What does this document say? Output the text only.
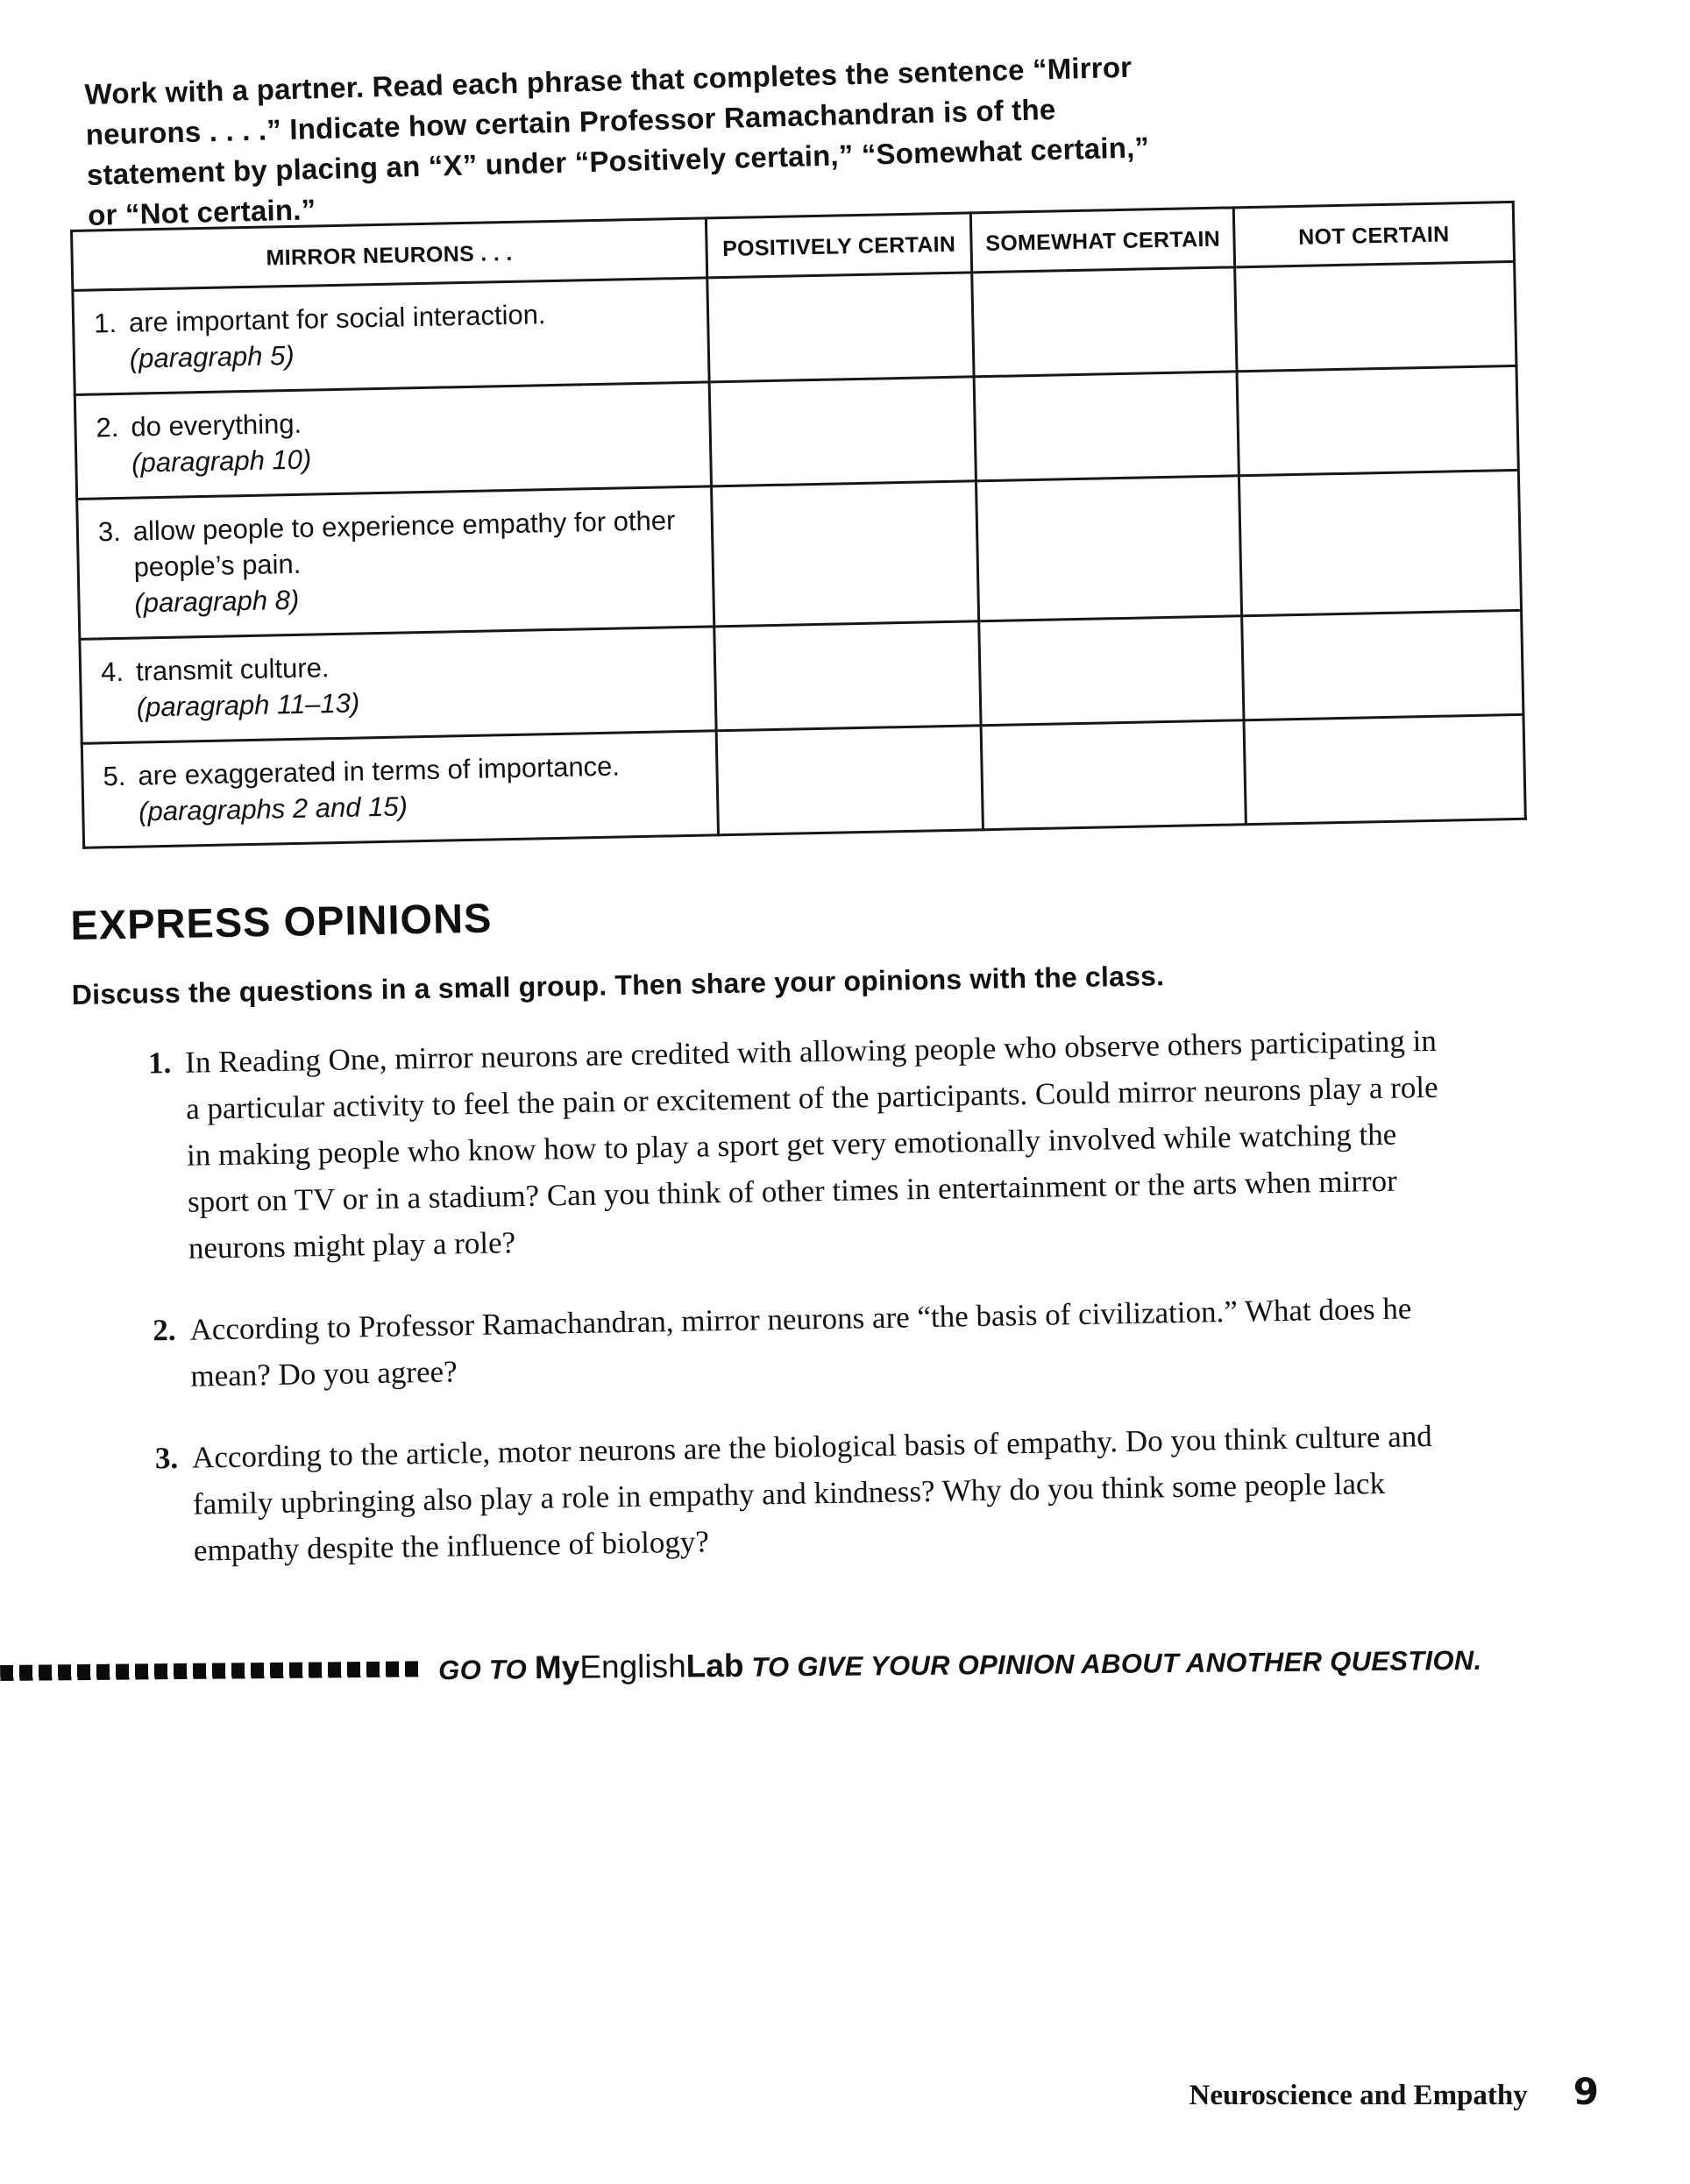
Work with a partner. Read each phrase that completes the sentence “Mirror neurons . . . .” Indicate how certain Professor Ramachandran is of the statement by placing an “X” under “Positively certain,” “Somewhat certain,” or “Not certain.”

MIRROR NEURONS . . .	POSITIVELY CERTAIN	SOMEWHAT CERTAIN	NOT CERTAIN

1. are important for social interaction.
(paragraph 5)			

2. do everything.
(paragraph 10)			

3. allow people to experience empathy for other people’s pain.
(paragraph 8)			

4. transmit culture.
(paragraph 11–13)			

5. are exaggerated in terms of importance.
(paragraphs 2 and 15)			

EXPRESS OPINIONS

Discuss the questions in a small group. Then share your opinions with the class.

1. In Reading One, mirror neurons are credited with allowing people who observe others participating in a particular activity to feel the pain or excitement of the participants. Could mirror neurons play a role in making people who know how to play a sport get very emotionally involved while watching the sport on TV or in a stadium? Can you think of other times in entertainment or the arts when mirror neurons might play a role?
2. According to Professor Ramachandran, mirror neurons are “the basis of civilization.” What does he mean? Do you agree?
3. According to the article, motor neurons are the biological basis of empathy. Do you think culture and family upbringing also play a role in empathy and kindness? Why do you think some people lack empathy despite the influence of biology?
GO TO MyEnglishLab TO GIVE YOUR OPINION ABOUT ANOTHER QUESTION.
Neuroscience and Empathy 9
